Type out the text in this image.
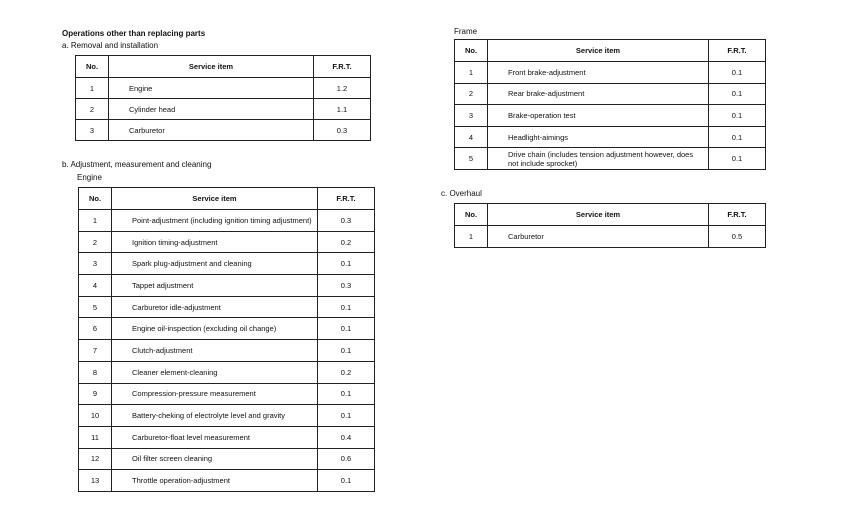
Operations other than replacing parts
a. Removal and installation
No.	Service item	F.R.T.
1	Engine	1.2
2	Cylinder head	1.1
3	Carburetor	0.3
b. Adjustment, measurement and cleaning
Engine
No.	Service item	F.R.T.
1	Point-adjustment (including ignition timing adjustment)	0.3
2	Ignition timing-adjustment	0.2
3	Spark plug-adjustment and cleaning	0.1
4	Tappet adjustment	0.3
5	Carburetor idle-adjustment	0.1
6	Engine oil-inspection (excluding oil change)	0.1
7	Clutch-adjustment	0.1
8	Cleaner element-cleaning	0.2
9	Compression-pressure measurement	0.1
10	Battery-cheking of electrolyte level and gravity	0.1
11	Carburetor-float level measurement	0.4
12	Oil filter screen cleaning	0.6
13	Throttle operation-adjustment	0.1
Frame
No.	Service item	F.R.T.
1	Front brake-adjustment	0.1
2	Rear brake-adjustment	0.1
3	Brake-operation test	0.1
4	Headlight-aimings	0.1
5	Drive chain (includes tension adjustment however, does not include sprocket)	0.1
c. Overhaul
No.	Service item	F.R.T.
1	Carburetor	0.5
